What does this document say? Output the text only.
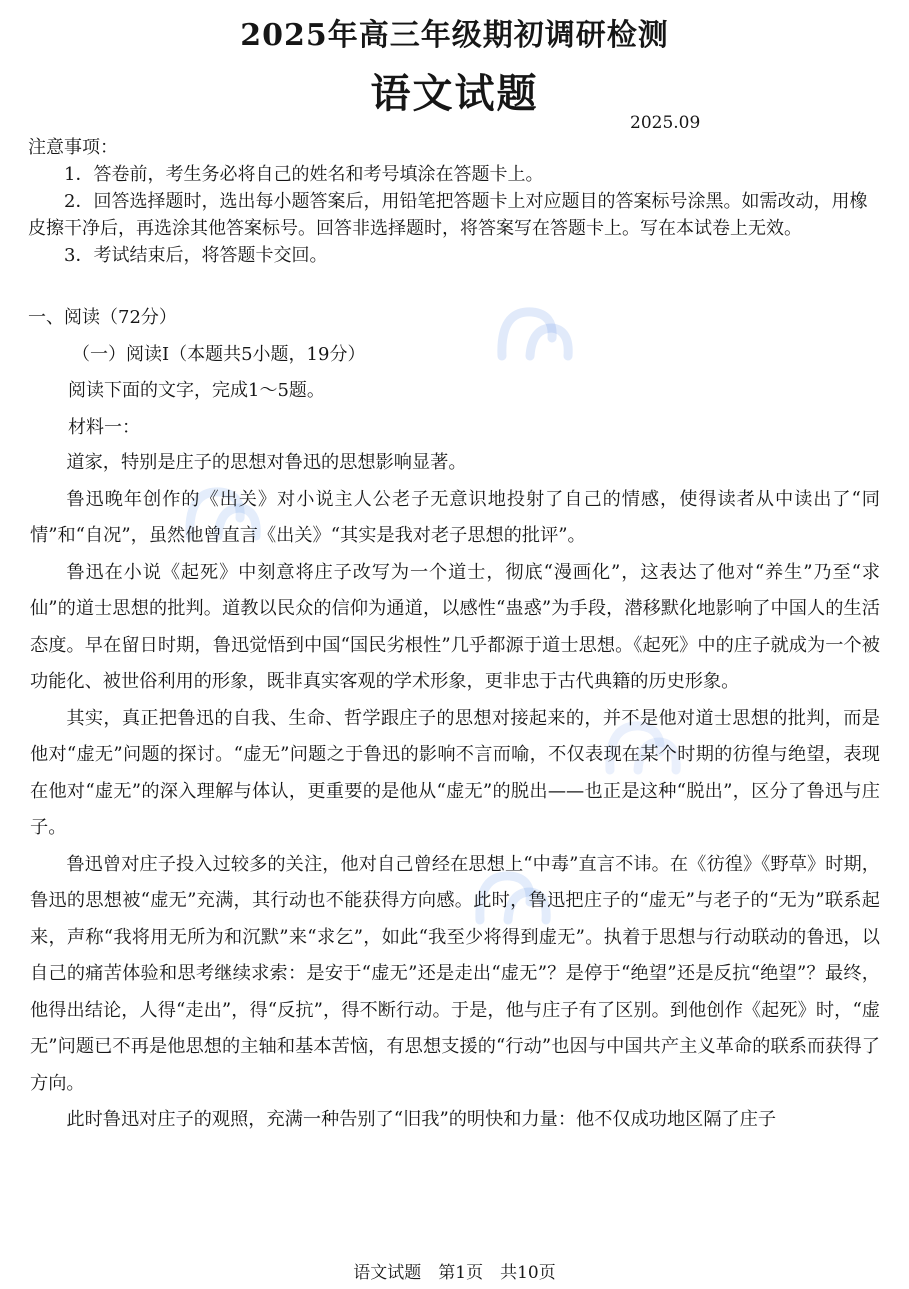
2025年高三年级期初调研检测
语文试题
2025.09
注意事项：
1．答卷前，考生务必将自己的姓名和考号填涂在答题卡上。
2．回答选择题时，选出每小题答案后，用铅笔把答题卡上对应题目的答案标号涂黑。如需改动，用橡皮擦干净后，再选涂其他答案标号。回答非选择题时，将答案写在答题卡上。写在本试卷上无效。
3．考试结束后，将答题卡交回。
一、阅读（72分）
（一）阅读Ⅰ（本题共5小题，19分）
阅读下面的文字，完成1～5题。
材料一：

道家，特别是庄子的思想对鲁迅的思想影响显著。

鲁迅晚年创作的《出关》对小说主人公老子无意识地投射了自己的情感，使得读者从中读出了“同情”和“自况”，虽然他曾直言《出关》“其实是我对老子思想的批评”。

鲁迅在小说《起死》中刻意将庄子改写为一个道士，彻底“漫画化”，这表达了他对“养生”乃至“求仙”的道士思想的批判。道教以民众的信仰为通道，以感性“蛊惑”为手段，潜移默化地影响了中国人的生活态度。早在留日时期，鲁迅觉悟到中国“国民劣根性”几乎都源于道士思想。《起死》中的庄子就成为一个被功能化、被世俗利用的形象，既非真实客观的学术形象，更非忠于古代典籍的历史形象。

其实，真正把鲁迅的自我、生命、哲学跟庄子的思想对接起来的，并不是他对道士思想的批判，而是他对“虚无”问题的探讨。“虚无”问题之于鲁迅的影响不言而喻，不仅表现在某个时期的彷徨与绝望，表现在他对“虚无”的深入理解与体认，更重要的是他从“虚无”的脱出——也正是这种“脱出”，区分了鲁迅与庄子。

鲁迅曾对庄子投入过较多的关注，他对自己曾经在思想上“中毒”直言不讳。在《彷徨》《野草》时期，鲁迅的思想被“虚无”充满，其行动也不能获得方向感。此时，鲁迅把庄子的“虚无”与老子的“无为”联系起来，声称“我将用无所为和沉默”来“求乞”，如此“我至少将得到虚无”。执着于思想与行动联动的鲁迅，以自己的痛苦体验和思考继续求索：是安于“虚无”还是走出“虚无”？是停于“绝望”还是反抗“绝望”？最终，他得出结论，人得“走出”，得“反抗”，得不断行动。于是，他与庄子有了区别。到他创作《起死》时，“虚无”问题已不再是他思想的主轴和基本苦恼，有思想支援的“行动”也因与中国共产主义革命的联系而获得了方向。

此时鲁迅对庄子的观照，充满一种告别了“旧我”的明快和力量：他不仅成功地区隔了庄子

语文试题　第1页　共10页
